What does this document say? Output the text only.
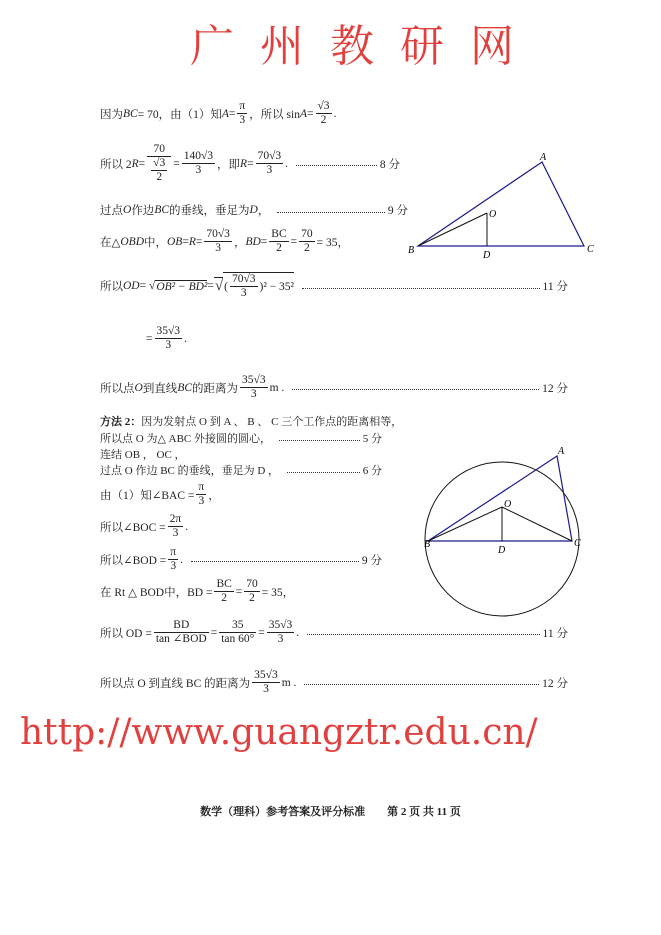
广州教研网
因为 BC = 70，由（1）知 $A = \frac{\pi}{3}$ ，所以 $\sin A = \frac{√3}{2}$ .
所以 2 $R = \frac{70}{\frac{√3}{2}} = \frac{140√3}{3}$ ，即 $R = \frac{70√3}{3}$ .	8 分
过点 O 作边 BC 的垂线，垂足为 D ，	9 分
在△ OBD 中， OB = $R = \frac{70√3}{3}$ ， BD = $\frac{BC}{2} = \frac{70}{2} = 35$，
所以 OD = √ OB² − BD² = √ ( $\frac{70√3}{3}$ ) ² − 35²	11 分
= $\frac{35√3}{3}$ .
所以点 O 到直线 BC 的距离为 $\frac{35√3}{3}$ m .	12 分
方法 2： 因为发射点 O 到 A 、 B 、 C 三个工作点的距离相等，
所以点 O 为△ ABC 外接圆的圆心，	5 分
连结 OB ， OC ，
过点 O 作边 BC 的垂线，垂足为 D ，	6 分
由（1）知∠BAC = $\frac{\pi}{3}$ ，
所以∠BOC = $\frac{2\pi}{3}$ .
所以∠BOD = $\frac{\pi}{3}$ .	9 分
在 Rt △ BOD中，BD = $\frac{BC}{2} = \frac{70}{2} = 35$，
所以 OD = $\frac{BD}{\text{tan ∠BOD}} = \frac{35}{\tan 60^\circ} = \frac{35√3}{3}$ .	11 分
所以点 O 到直线 BC 的距离为 $\frac{35√3}{3}$ m .	12 分
A
B	C
O
D
A
B	C
O
D
http://www.guangztr.edu.cn/
数学（理科）参考答案及评分标准　　第 2 页 共 11 页
